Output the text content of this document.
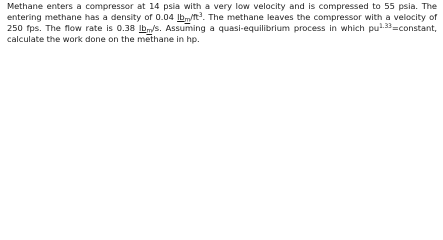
Methane enters a compressor at 14 psia with a very low velocity and is compressed to 55 psia. The entering methane has a density of 0.04 $lb_m/ft^3$. The methane leaves the compressor with a velocity of 250 fps. The flow rate is 0.38 $lb_m/s$. Assuming a quasi-equilibrium process in which $pu^{1.33}=constant$, calculate the work done on the methane in hp.
